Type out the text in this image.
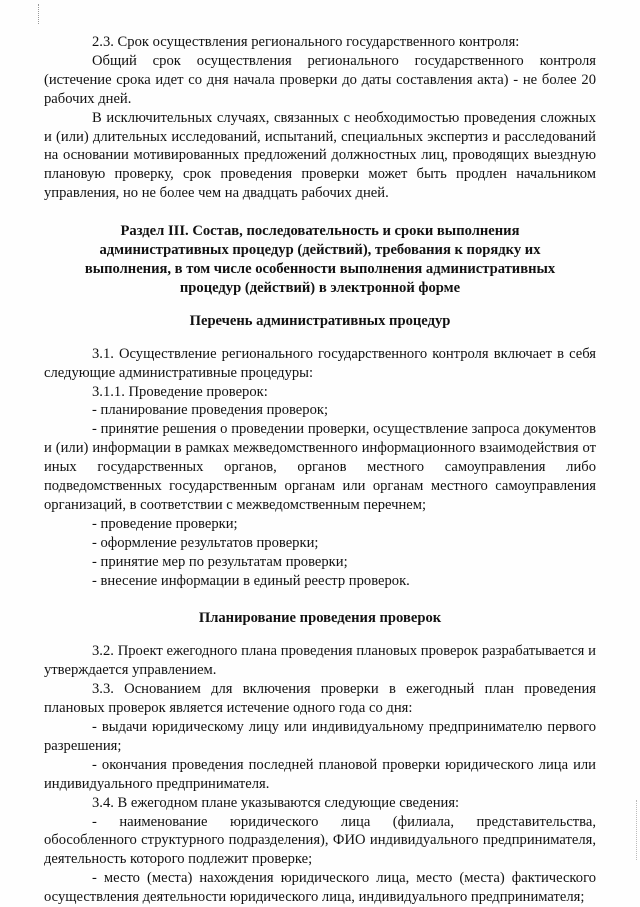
2.3. Срок осуществления регионального государственного контроля:

Общий срок осуществления регионального государственного контроля (истечение срока идет со дня начала проверки до даты составления акта) - не более 20 рабочих дней.

В исключительных случаях, связанных с необходимостью проведения сложных и (или) длительных исследований, испытаний, специальных экспертиз и расследований на основании мотивированных предложений должностных лиц, проводящих выездную плановую проверку, срок проведения проверки может быть продлен начальником управления, но не более чем на двадцать рабочих дней.

Раздел III. Состав, последовательность и сроки выполнения административных процедур (действий), требования к порядку их выполнения, в том числе особенности выполнения административных процедур (действий) в электронной форме

Перечень административных процедур

3.1. Осуществление регионального государственного контроля включает в себя следующие административные процедуры:

3.1.1. Проведение проверок:

- планирование проведения проверок;

- принятие решения о проведении проверки, осуществление запроса документов и (или) информации в рамках межведомственного информационного взаимодействия от иных государственных органов, органов местного самоуправления либо подведомственных государственным органам или органам местного самоуправления организаций, в соответствии с межведомственным перечнем;

- проведение проверки;

- оформление результатов проверки;

- принятие мер по результатам проверки;

- внесение информации в единый реестр проверок.

Планирование проведения проверок

3.2. Проект ежегодного плана проведения плановых проверок разрабатывается и утверждается управлением.

3.3. Основанием для включения проверки в ежегодный план проведения плановых проверок является истечение одного года со дня:

- выдачи юридическому лицу или индивидуальному предпринимателю первого разрешения;

- окончания проведения последней плановой проверки юридического лица или индивидуального предпринимателя.

3.4. В ежегодном плане указываются следующие сведения:

- наименование юридического лица (филиала, представительства, обособленного структурного подразделения), ФИО индивидуального предпринимателя, деятельность которого подлежит проверке;

- место (места) нахождения юридического лица, место (места) фактического осуществления деятельности юридического лица, индивидуального предпринимателя;
